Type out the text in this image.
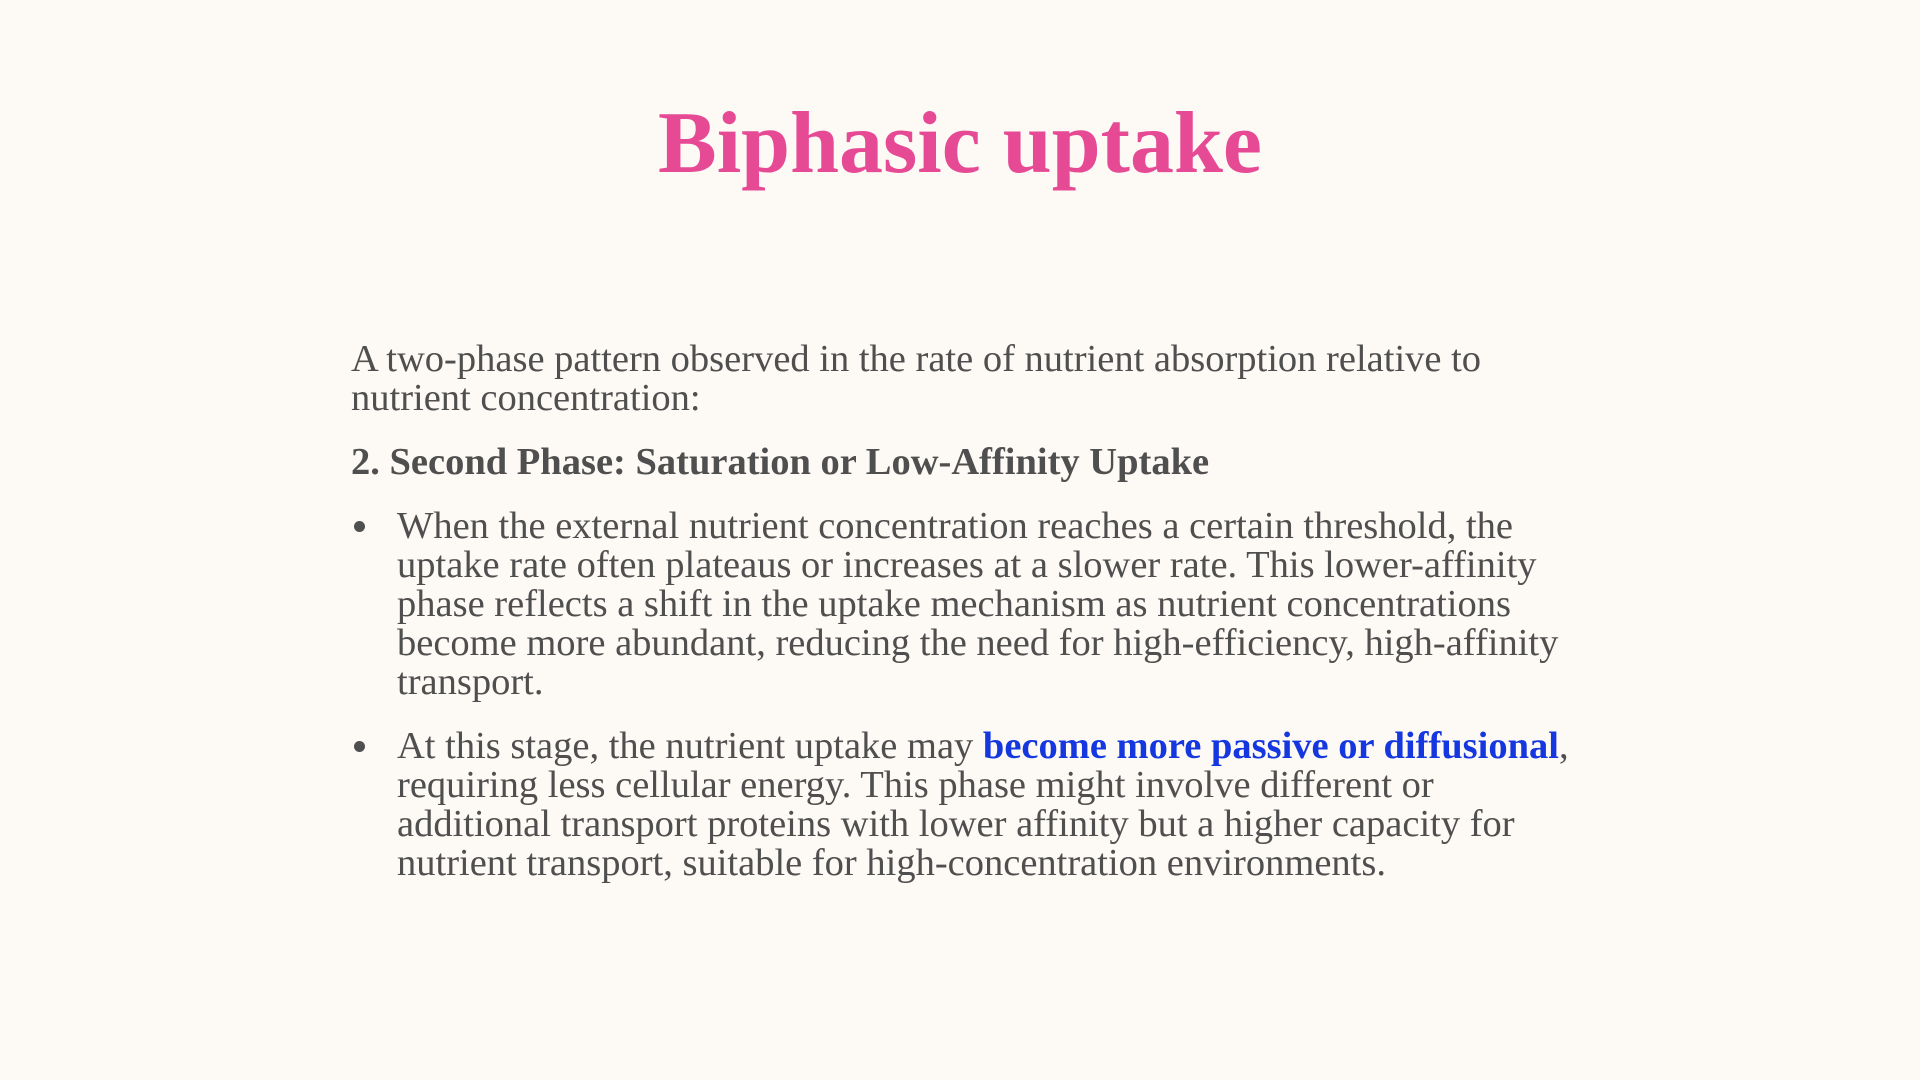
Biphasic uptake

A two-phase pattern observed in the rate of nutrient absorption relative to nutrient concentration:

2. Second Phase: Saturation or Low-Affinity Uptake

When the external nutrient concentration reaches a certain threshold, the uptake rate often plateaus or increases at a slower rate. This lower-affinity phase reflects a shift in the uptake mechanism as nutrient concentrations become more abundant, reducing the need for high-efficiency, high-affinity transport.
At this stage, the nutrient uptake may become more passive or diffusional, requiring less cellular energy. This phase might involve different or additional transport proteins with lower affinity but a higher capacity for nutrient transport, suitable for high-concentration environments.
